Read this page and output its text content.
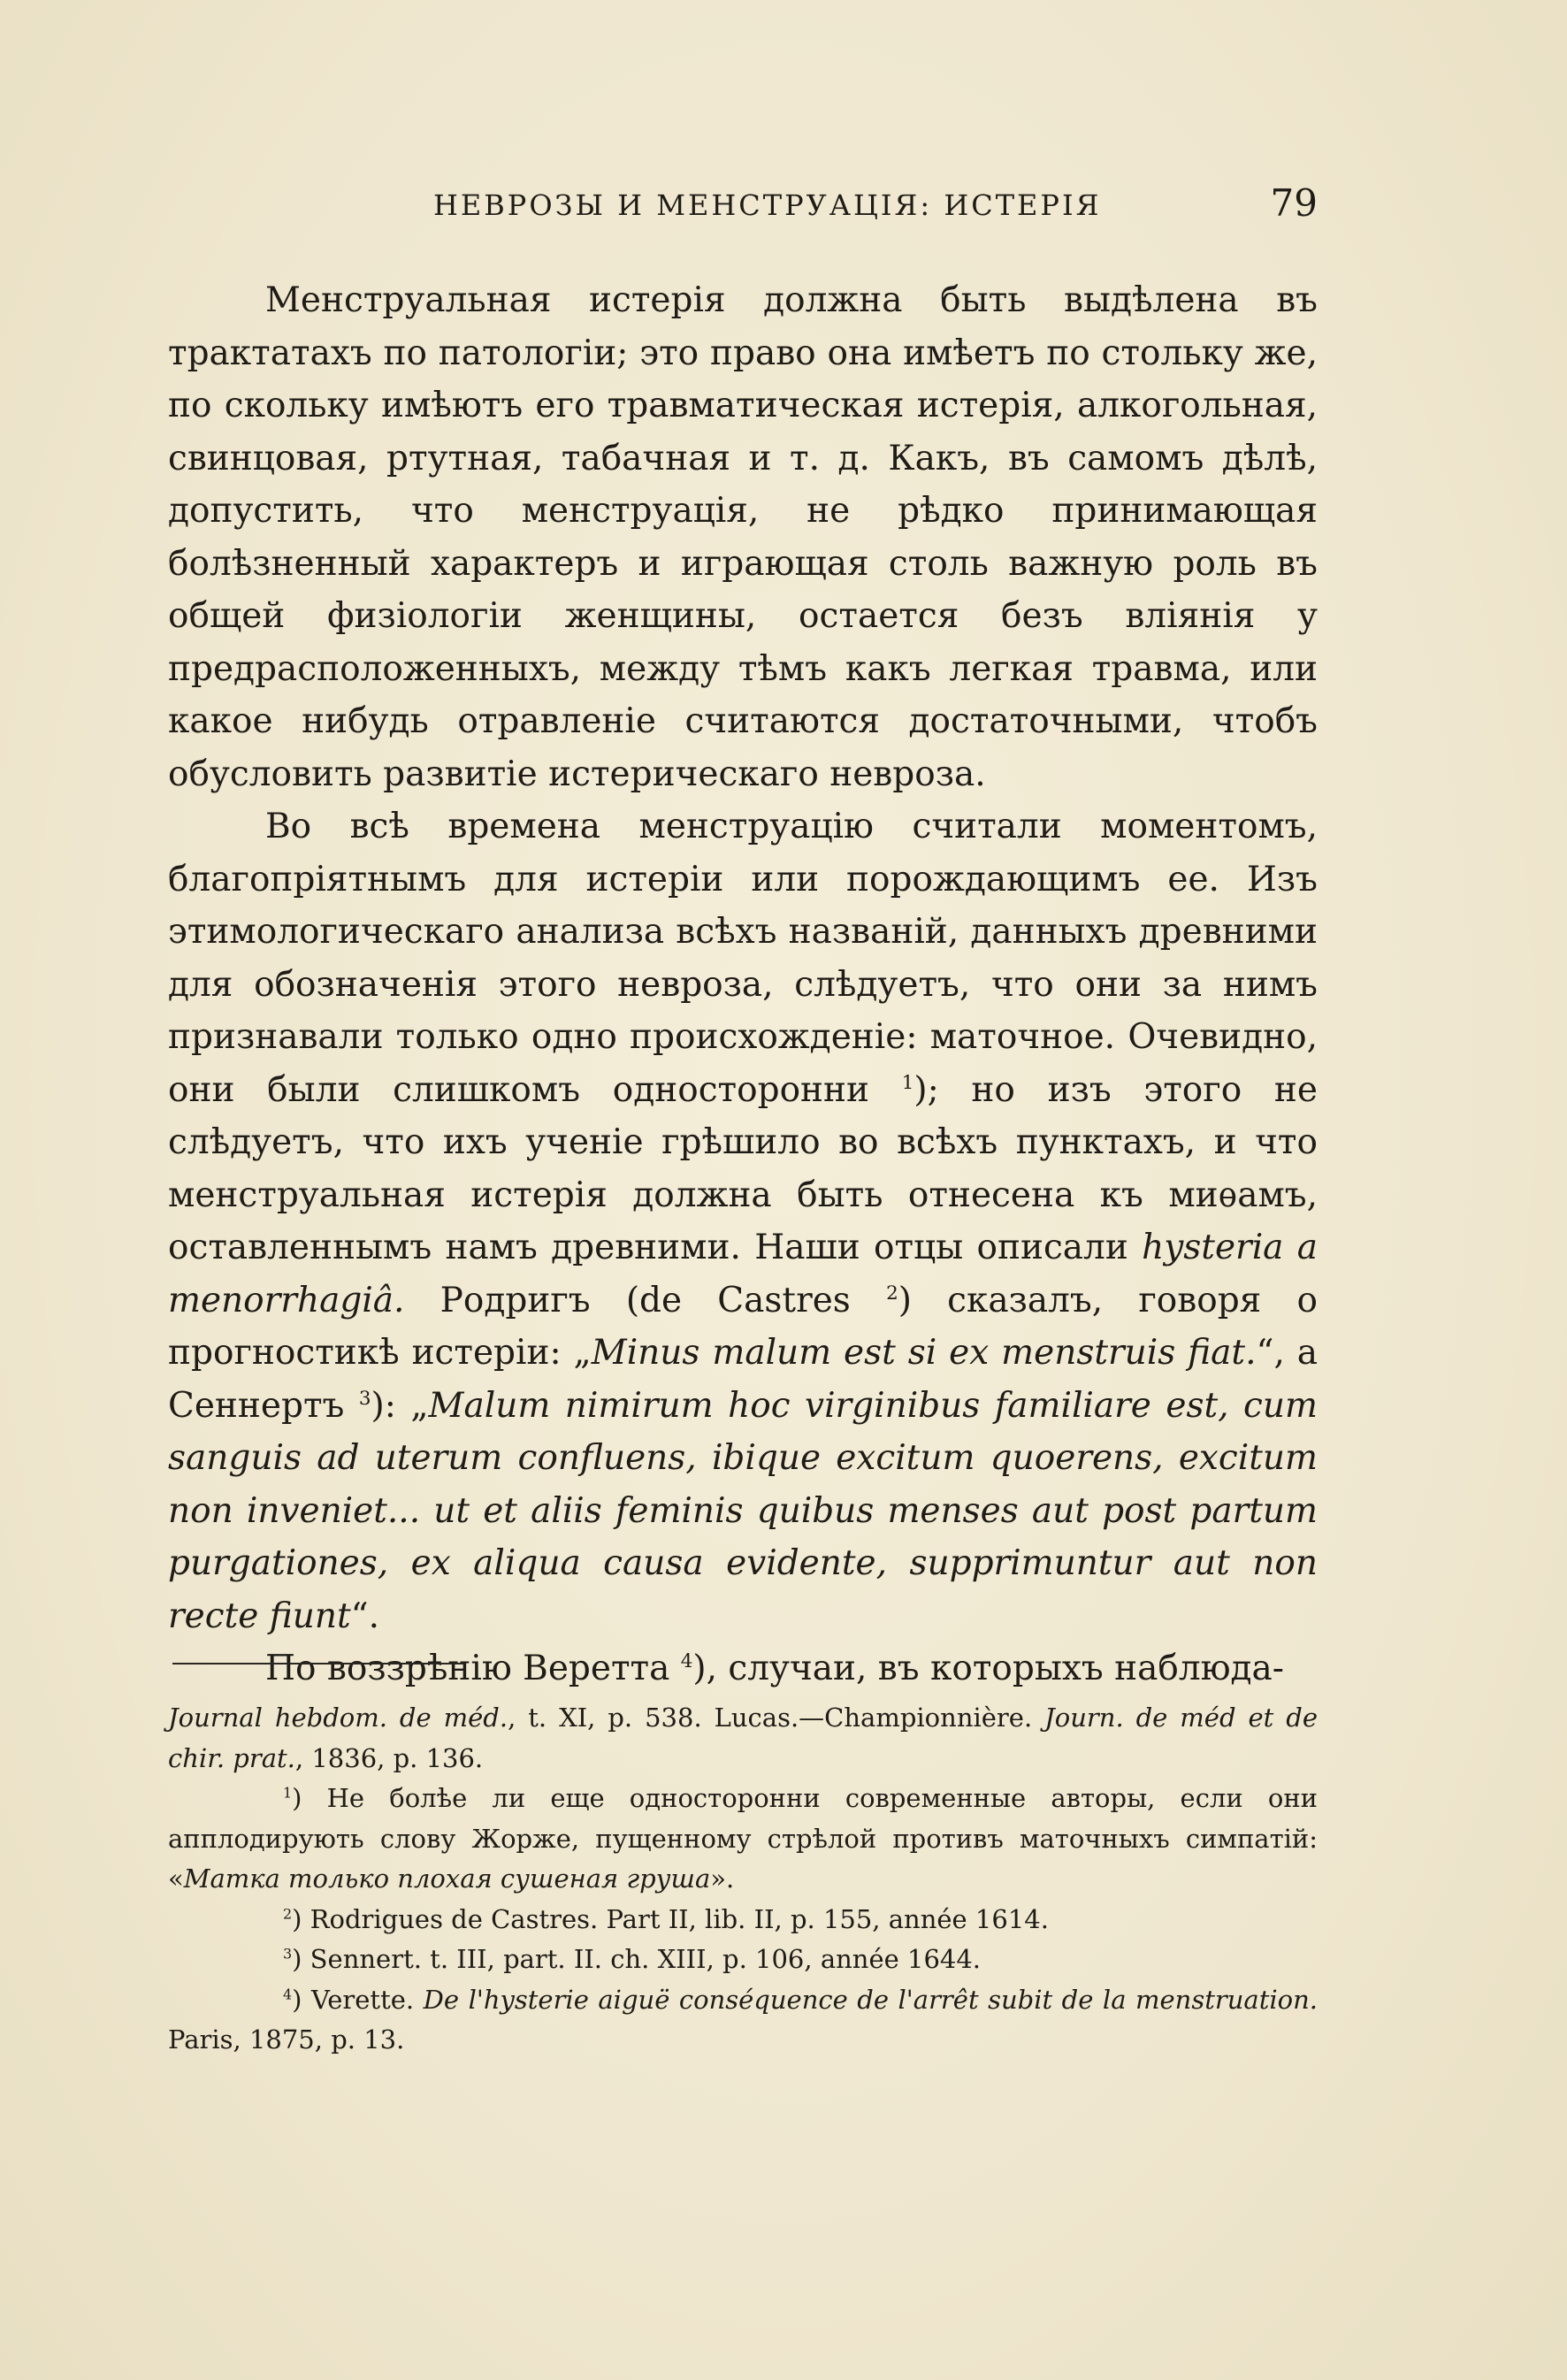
НЕВРОЗЫ И МЕНСТРУАЦІЯ: ИСТЕРІЯ	79

Менструальная истерія должна быть выдѣлена въ трактатахъ по патологіи; это право она имѣетъ по стольку же, по скольку имѣютъ его травматическая истерія, алкогольная, свинцовая, ртутная, табачная и т. д. Какъ, въ самомъ дѣлѣ, допустить, что менструація, не рѣдко принимающая болѣзненный характеръ и играющая столь важную роль въ общей физіологіи женщины, остается безъ вліянія у предрасположенныхъ, между тѣмъ какъ легкая травма, или какое нибудь отравленіе считаются достаточными, чтобъ обусловить развитіе истерическаго невроза.

Во всѣ времена менструацію считали моментомъ, благопріятнымъ для истеріи или порождающимъ ее. Изъ этимологическаго анализа всѣхъ названій, данныхъ древними для обозначенія этого невроза, слѣдуетъ, что они за нимъ признавали только одно происхожденіе: маточное. Очевидно, они были слишкомъ односторонни $^1$); но изъ этого не слѣдуетъ, что ихъ ученіе грѣшило во всѣхъ пунктахъ, и что менструальная истерія должна быть отнесена къ миѳамъ, оставленнымъ намъ древними. Наши отцы описали hysteria a menorrhagiâ. Родригъ (de Castres $^2$) сказалъ, говоря о прогностикѣ истеріи: „Minus malum est si ex menstruis fiat.“, а Сеннертъ $^3$): „Malum nimirum hoc virginibus familiare est, cum sanguis ad uterum confluens, ibique excitum quoerens, excitum non inveniet... ut et aliis feminis quibus menses aut post partum purgationes, ex aliqua causa evidente, supprimuntur aut non recte fiunt“.

По воззрѣнію Веретта $^4$), случаи, въ которыхъ наблюда-

Journal hebdom. de méd., t. XI, p. 538. Lucas.—Championnière. Journ. de méd et de chir. prat., 1836, p. 136.

$^1$) Не болѣе ли еще односторонни современные авторы, если они апплодирують слову Жорже, пущенному стрѣлой противъ маточныхъ симпатій: «Матка только плохая сушеная груша».

$^2$) Rodrigues de Castres. Part II, lib. II, p. 155, année 1614.

$^3$) Sennert. t. III, part. II. ch. XIII, p. 106, année 1644.

$^4$) Verette. De l'hysterie aiguë conséquence de l'arrêt subit de la menstruation. Paris, 1875, p. 13.
